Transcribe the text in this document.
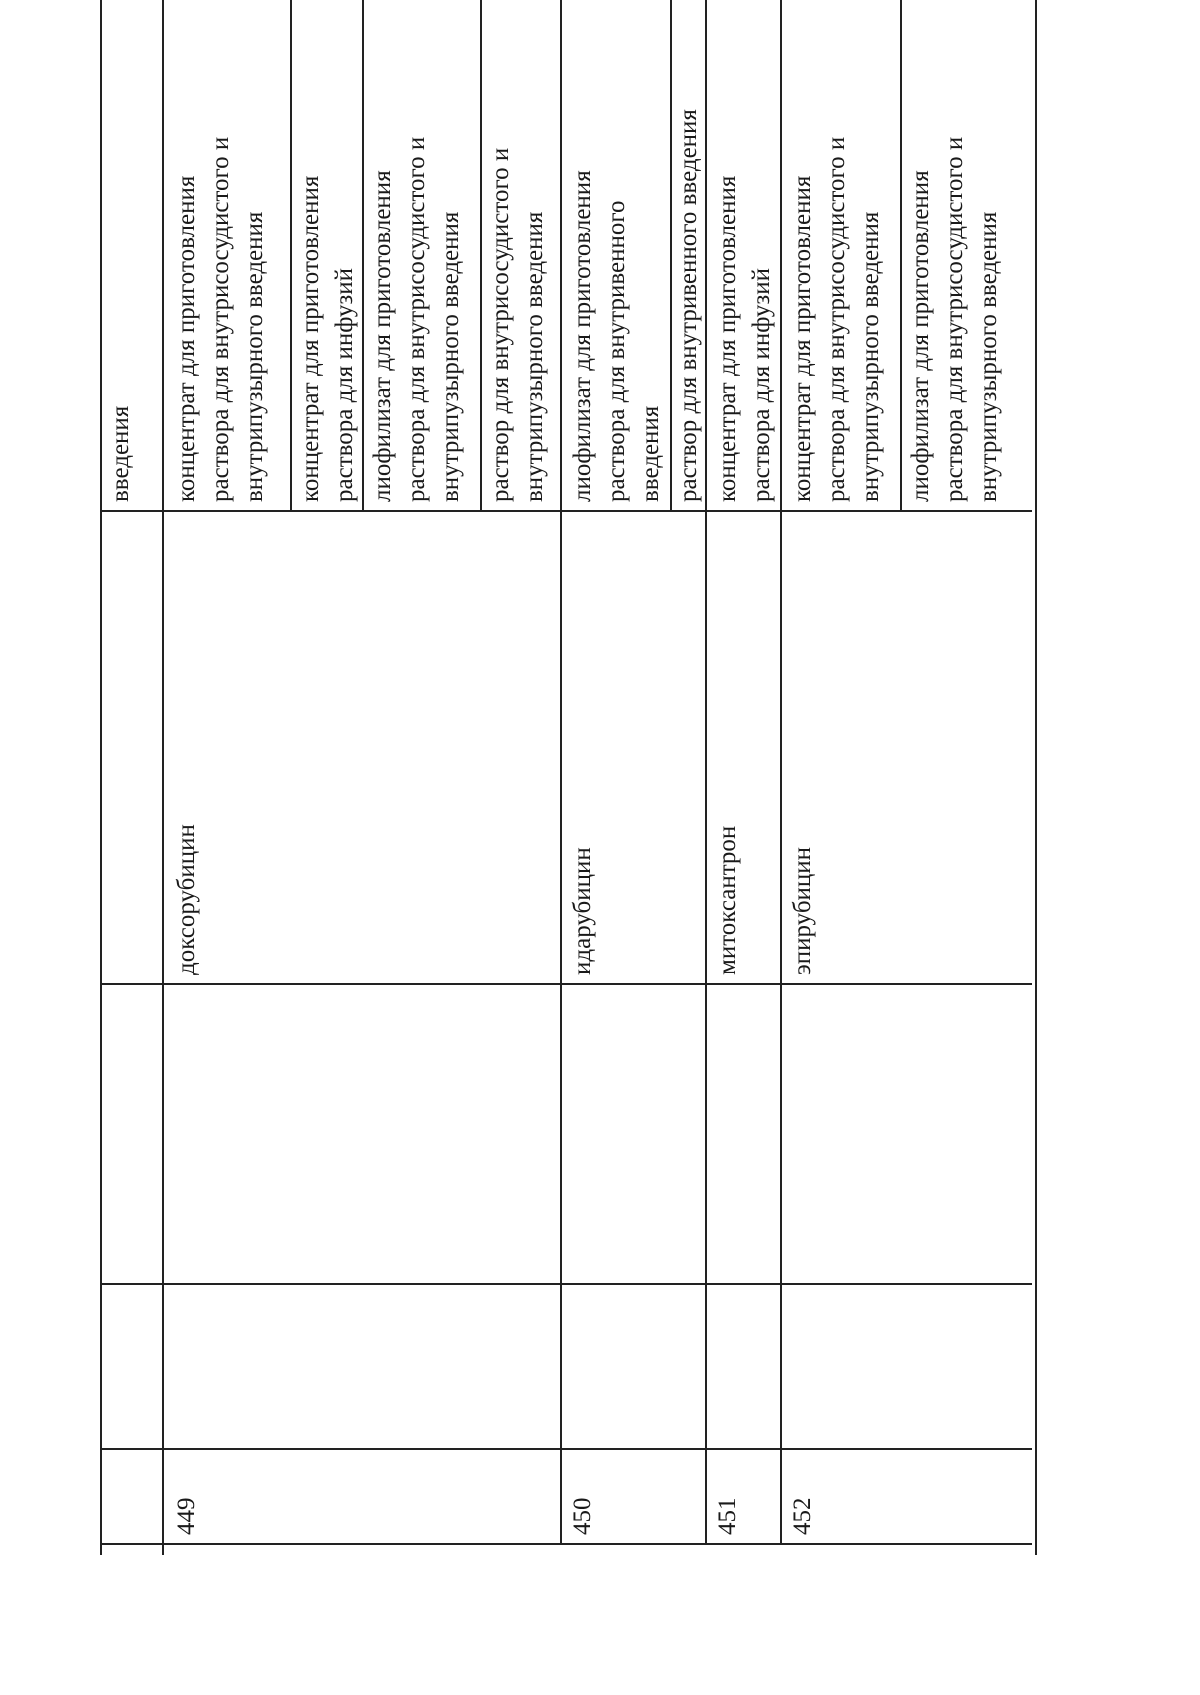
введения
449
доксорубицин
концентрат для приготовления раствора для внутрисосудистого и внутрипузырного введения концентрат для приготовления раствора для инфузий лиофилизат для приготовления раствора для внутрисосудистого и внутрипузырного введения раствор для внутрисосудистого и внутрипузырного введения
450
идарубицин
лиофилизат для приготовления раствора для внутривенного введения раствор для внутривенного введения
451
митоксантрон
концентрат для приготовления раствора для инфузий
452
эпирубицин
концентрат для приготовления раствора для внутрисосудистого и внутрипузырного введения лиофилизат для приготовления раствора для внутрисосудистого и внутрипузырного введения
